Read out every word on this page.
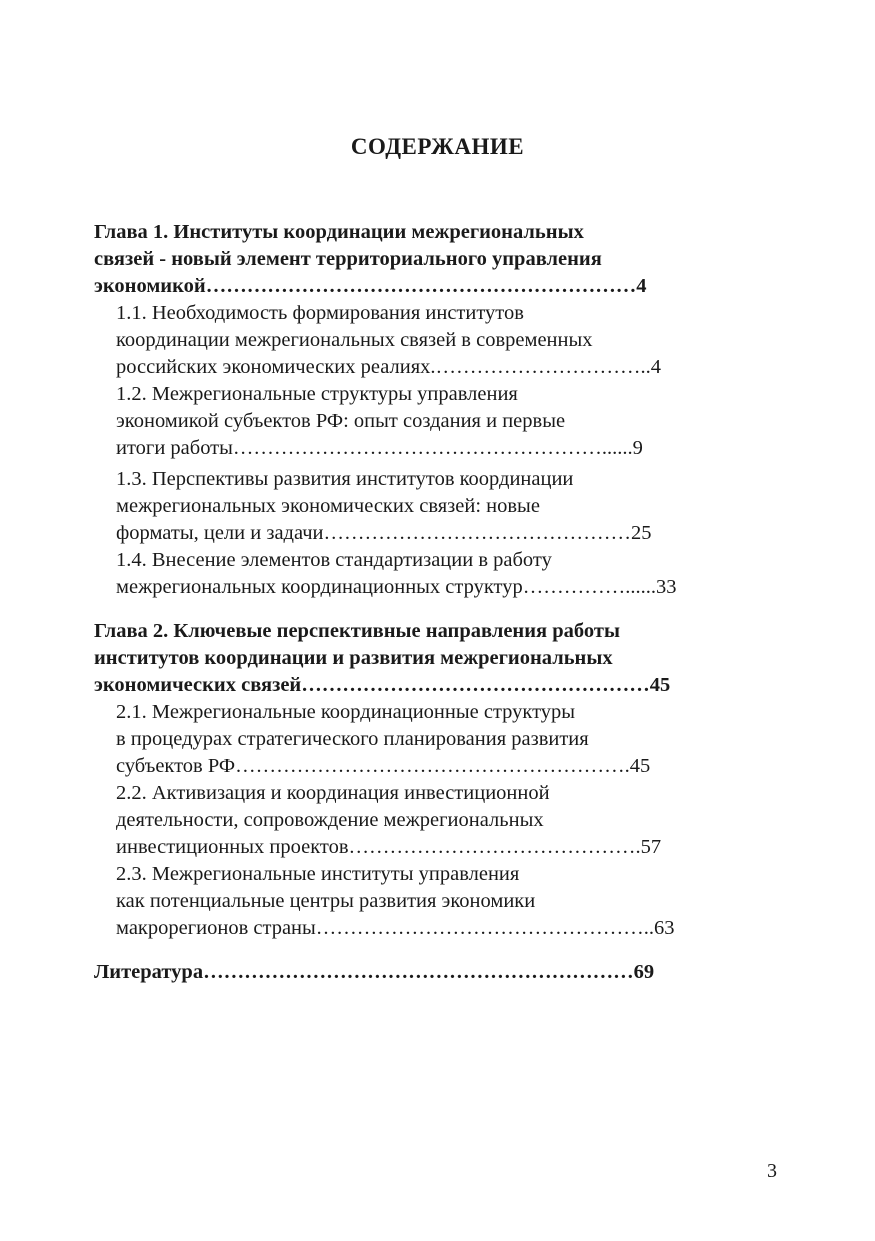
СОДЕРЖАНИЕ
Глава 1. Институты координации межрегиональных
связей - новый элемент территориального управления
экономикой………………………………………………………4
1.1. Необходимость формирования институтов
координации межрегиональных связей в современных
российских экономических реалиях.…………………………..4
1.2. Межрегиональные структуры управления
экономикой субъектов РФ: опыт создания и первые
итоги работы………………………………………………......9
1.3. Перспективы развития институтов координации
межрегиональных экономических связей: новые
форматы, цели и задачи………………………………………25
1.4. Внесение элементов стандартизации в работу
межрегиональных координационных структур……………......33
Глава 2. Ключевые перспективные направления работы
институтов координации и развития межрегиональных
экономических связей……………………………………………45
2.1. Межрегиональные координационные структуры
в процедурах стратегического планирования развития
субъектов РФ………………………………………………….45
2.2. Активизация и координация инвестиционной
деятельности, сопровождение межрегиональных
инвестиционных проектов…………………………………….57
2.3. Межрегиональные институты управления
как потенциальные центры развития экономики
макрорегионов страны…………………………………………..63
Литература………………………………………………………69
3
